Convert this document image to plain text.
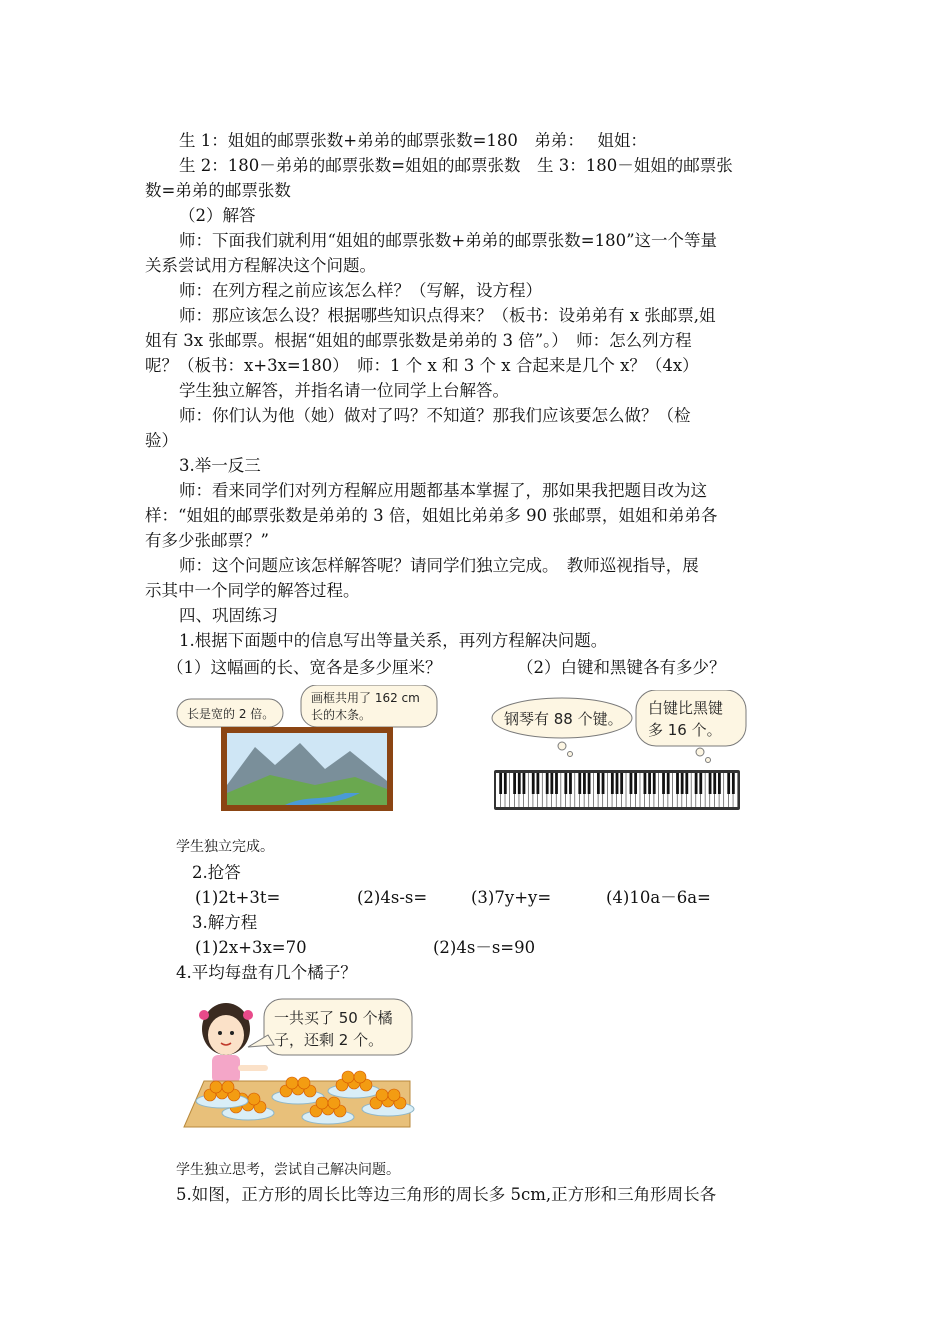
生 1：姐姐的邮票张数+弟弟的邮票张数=180　弟弟：　 姐姐：
生 2：180－弟弟的邮票张数=姐姐的邮票张数　生 3：180－姐姐的邮票张
数=弟弟的邮票张数
（2）解答
师：下面我们就利用“姐姐的邮票张数+弟弟的邮票张数=180”这一个等量
关系尝试用方程解决这个问题。
师：在列方程之前应该怎么样？（写解，设方程）
师：那应该怎么设？根据哪些知识点得来？（板书：设弟弟有 x 张邮票,姐
姐有 3x 张邮票。根据“姐姐的邮票张数是弟弟的 3 倍”。）　师：怎么列方程
呢？（板书：x+3x=180）　师：1 个 x 和 3 个 x 合起来是几个 x？（4x）
学生独立解答，并指名请一位同学上台解答。
师：你们认为他（她）做对了吗？不知道？那我们应该要怎么做？（检
验）
3.举一反三
师：看来同学们对列方程解应用题都基本掌握了，那如果我把题目改为这
样：“姐姐的邮票张数是弟弟的 3 倍，姐姐比弟弟多 90 张邮票，姐姐和弟弟各
有多少张邮票？”
师：这个问题应该怎样解答呢？请同学们独立完成。　教师巡视指导，展
示其中一个同学的解答过程。
四、巩固练习
1.根据下面题中的信息写出等量关系，再列方程解决问题。
（1）这幅画的长、宽各是多少厘米？	（2）白键和黑键各有多少？
长是宽的 2 倍。
画框共用了 162 cm
长的木条。	钢琴有 88 个键。
白键比黑键
多 16 个。
学生独立完成。
2.抢答
(1)2t+3t=	(2)4s-s=	(3)7y+y=	(4)10a－6a=
3.解方程
(1)2x+3x=70	(2)4s－s=90
4.平均每盘有几个橘子？
一共买了 50 个橘
子，还剩 2 个。
学生独立思考，尝试自己解决问题。
5.如图，正方形的周长比等边三角形的周长多 5cm,正方形和三角形周长各
